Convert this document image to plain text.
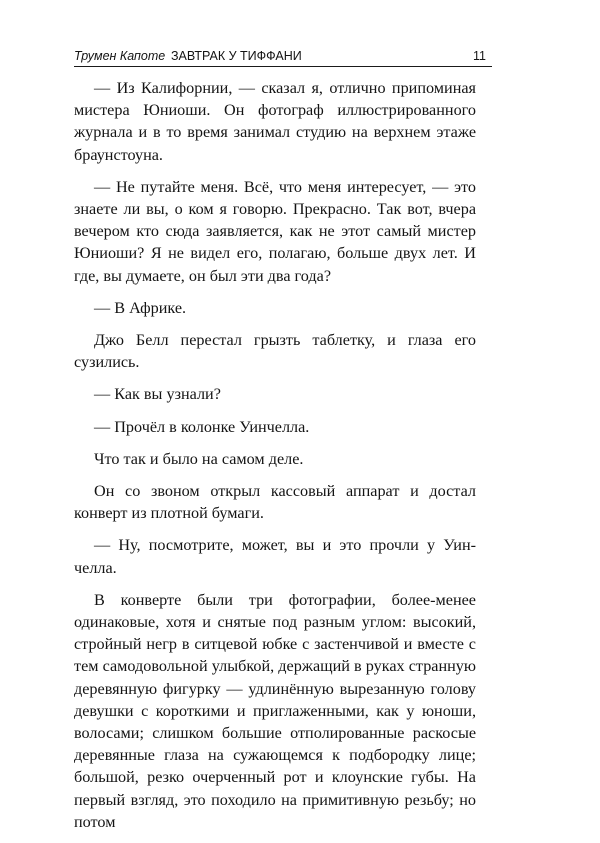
Трумен Капоте ЗАВТРАК У ТИФФАНИ	11

— Из Калифорнии, — сказал я, отлично припоминая мистера Юниоши. Он фотограф иллюстрированного журнала и в то время занимал студию на верхнем этаже браунстоуна.

— Не путайте меня. Всё, что меня интересует, — это знаете ли вы, о ком я говорю. Прекрасно. Так вот, вчера вечером кто сюда заявляется, как не этот самый мистер Юниоши? Я не видел его, полагаю, больше двух лет. И где, вы думаете, он был эти два года?

— В Африке.

Джо Белл перестал грызть таблетку, и глаза его сузились.

— Как вы узнали?

— Прочёл в колонке Уинчелла.

Что так и было на самом деле.

Он со звоном открыл кассовый аппарат и достал конверт из плотной бумаги.

— Ну, посмотрите, может, вы и это прочли у Уинчелла.

В конверте были три фотографии, более-менее одинаковые, хотя и снятые под разным углом: высокий, стройный негр в ситцевой юбке с застенчивой и вместе с тем самодовольной улыбкой, держащий в руках странную деревянную фигурку — удлинённую вырезанную голову девушки с короткими и приглаженными, как у юноши, волосами; слишком большие отполированные раскосые деревянные глаза на сужающемся к подбородку лице; большой, резко очерченный рот и клоунские губы. На первый взгляд, это походило на примитивную резьбу; но потом
